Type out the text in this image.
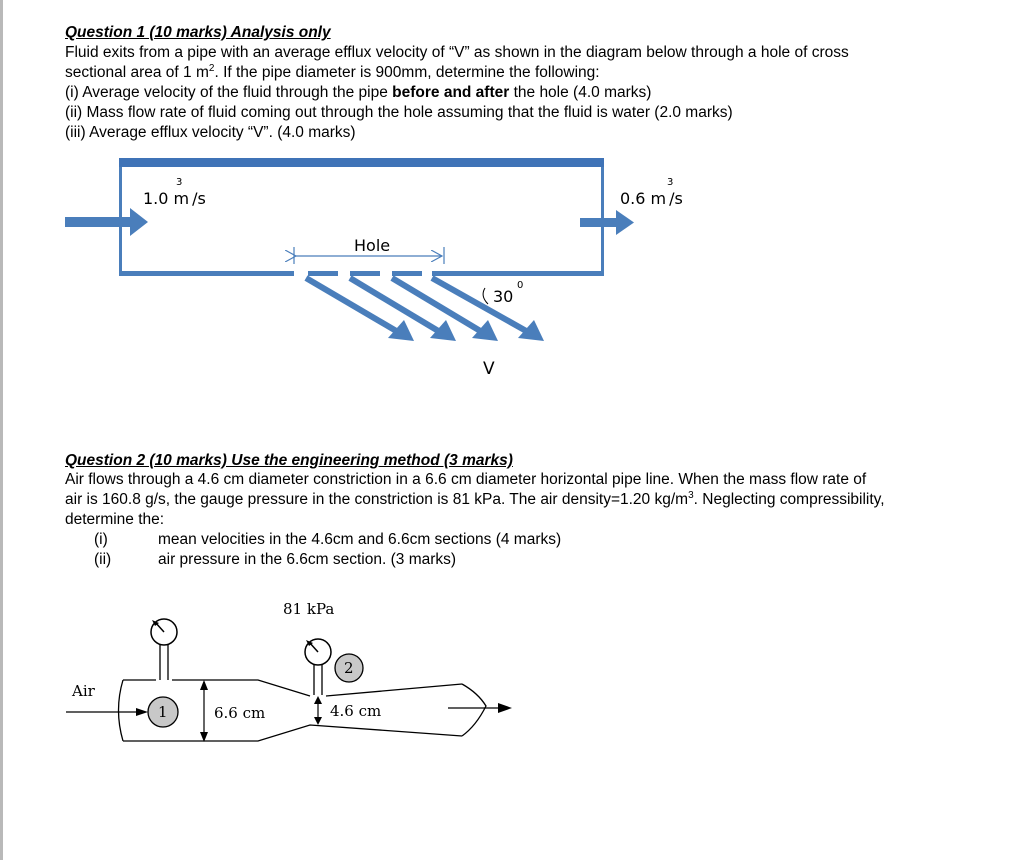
Question 1 (10 marks) Analysis only
Fluid exits from a pipe with an average efflux velocity of “V” as shown in the diagram below through a hole of cross
sectional area of 1 $m^2$. If the pipe diameter is 900mm, determine the following:
(i) Average velocity of the fluid through the pipe before and after the hole (4.0 marks)
(ii) Mass flow rate of fluid coming out through the hole assuming that the fluid is water (2.0 marks)
(iii) Average efflux velocity “V”. (4.0 marks)
1.0 m /s
3
0.6 m /s
3
Hole
30
0
V
Question 2 (10 marks) Use the engineering method (3 marks)
Air flows through a 4.6 cm diameter constriction in a 6.6 cm diameter horizontal pipe line. When the mass flow rate of
air is 160.8 g/s, the gauge pressure in the constriction is 81 kPa. The air density=1.20 $kg/m^3$. Neglecting compressibility,
determine the:
(i)	mean velocities in the 4.6cm and 6.6cm sections (4 marks)
(ii)	air pressure in the 6.6cm section. (3 marks)
81 kPa
2
1
Air
6.6 cm	4.6 cm
